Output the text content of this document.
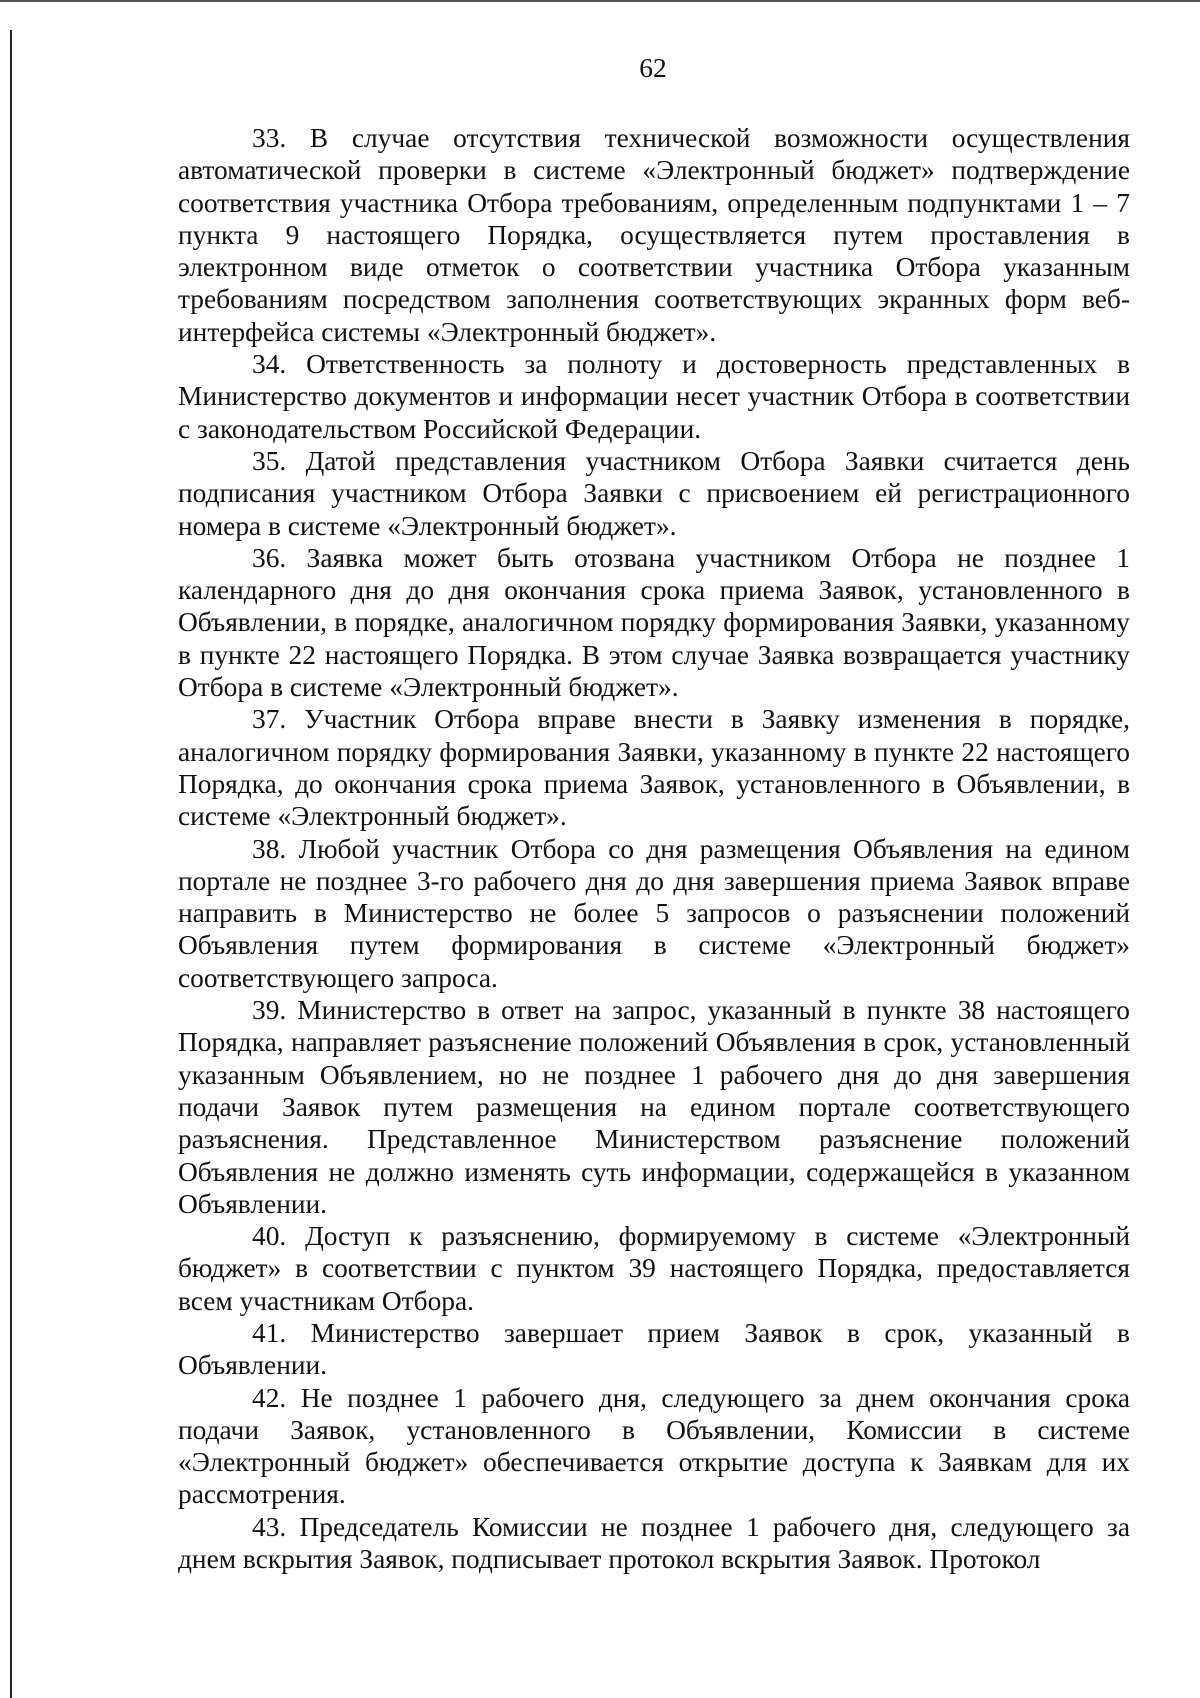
62

33. В случае отсутствия технической возможности осуществления автоматической проверки в системе «Электронный бюджет» подтверждение соответствия участника Отбора требованиям, определенным подпунктами 1 – 7 пункта 9 настоящего Порядка, осуществляется путем проставления в электронном виде отметок о соответствии участника Отбора указанным требованиям посредством заполнения соответствующих экранных форм веб-интерфейса системы «Электронный бюджет».

34. Ответственность за полноту и достоверность представленных в Министерство документов и информации несет участник Отбора в соответствии с законодательством Российской Федерации.

35. Датой представления участником Отбора Заявки считается день подписания участником Отбора Заявки с присвоением ей регистрационного номера в системе «Электронный бюджет».

36. Заявка может быть отозвана участником Отбора не позднее 1 календарного дня до дня окончания срока приема Заявок, установленного в Объявлении, в порядке, аналогичном порядку формирования Заявки, указанному в пункте 22 настоящего Порядка. В этом случае Заявка возвращается участнику Отбора в системе «Электронный бюджет».

37. Участник Отбора вправе внести в Заявку изменения в порядке, аналогичном порядку формирования Заявки, указанному в пункте 22 настоящего Порядка, до окончания срока приема Заявок, установленного в Объявлении, в системе «Электронный бюджет».

38. Любой участник Отбора со дня размещения Объявления на едином портале не позднее 3-го рабочего дня до дня завершения приема Заявок вправе направить в Министерство не более 5 запросов о разъяснении положений Объявления путем формирования в системе «Электронный бюджет» соответствующего запроса.

39. Министерство в ответ на запрос, указанный в пункте 38 настоящего Порядка, направляет разъяснение положений Объявления в срок, установленный указанным Объявлением, но не позднее 1 рабочего дня до дня завершения подачи Заявок путем размещения на едином портале соответствующего разъяснения. Представленное Министерством разъяснение положений Объявления не должно изменять суть информации, содержащейся в указанном Объявлении.

40. Доступ к разъяснению, формируемому в системе «Электронный бюджет» в соответствии с пунктом 39 настоящего Порядка, предоставляется всем участникам Отбора.

41. Министерство завершает прием Заявок в срок, указанный в Объявлении.

42. Не позднее 1 рабочего дня, следующего за днем окончания срока подачи Заявок, установленного в Объявлении, Комиссии в системе «Электронный бюджет» обеспечивается открытие доступа к Заявкам для их рассмотрения.

43. Председатель Комиссии не позднее 1 рабочего дня, следующего за днем вскрытия Заявок, подписывает протокол вскрытия Заявок. Протокол
